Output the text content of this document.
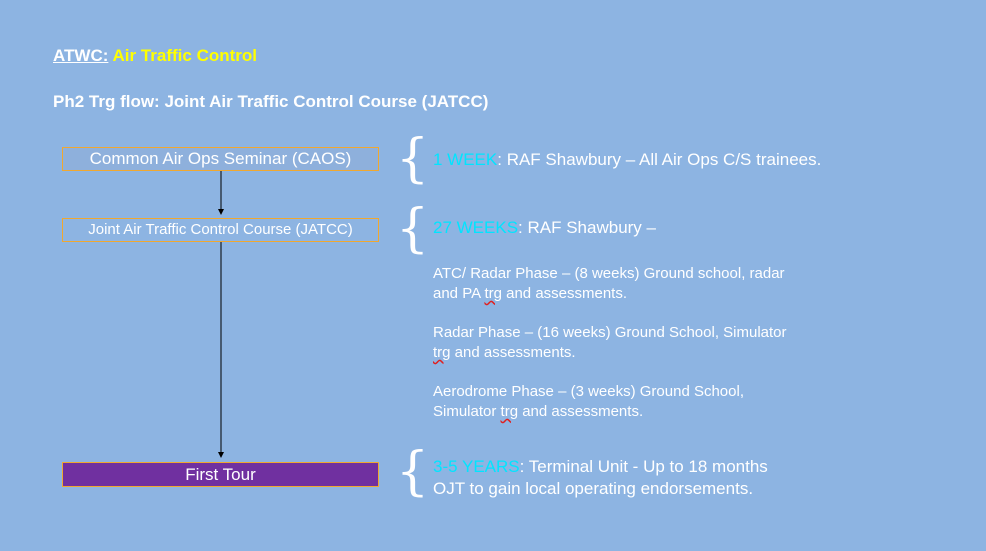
ATWC: Air Traffic Control
Ph2 Trg flow: Joint Air Traffic Control Course (JATCC)
Common Air Ops Seminar (CAOS)
Joint Air Traffic Control Course (JATCC)
First Tour
{
{
{
1 WEEK: RAF Shawbury – All Air Ops C/S trainees.
27 WEEKS: RAF Shawbury –
ATC/ Radar Phase – (8 weeks) Ground school, radar
and PA trg and assessments.
Radar Phase – (16 weeks) Ground School, Simulator
trg and assessments.
Aerodrome Phase – (3 weeks) Ground School,
Simulator trg and assessments.
3-5 YEARS: Terminal Unit - Up to 18 months
OJT to gain local operating endorsements.
